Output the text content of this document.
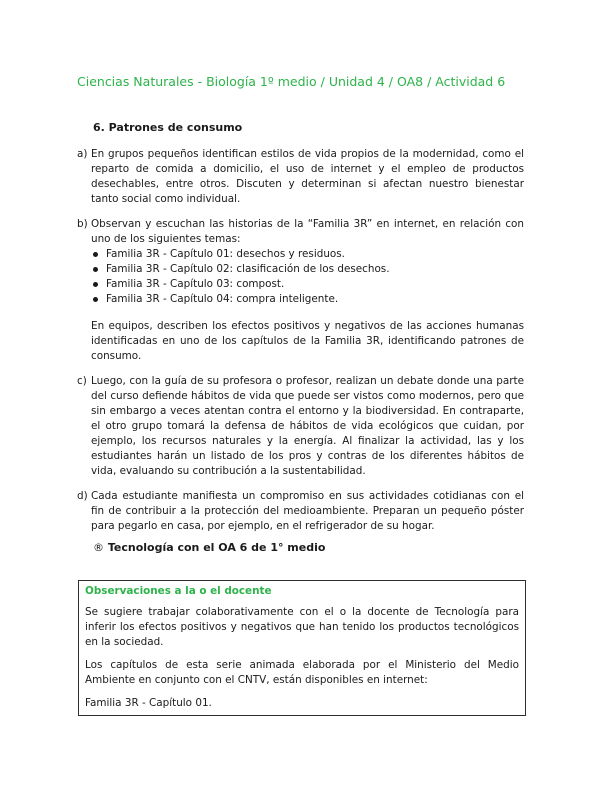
Ciencias Naturales - Biología 1º medio / Unidad 4 / OA8 / Actividad 6
6. Patrones de consumo
a) En grupos pequeños identifican estilos de vida propios de la modernidad, como el reparto de comida a domicilio, el uso de internet y el empleo de productos desechables, entre otros. Discuten y determinan si afectan nuestro bienestar tanto social como individual.

b) Observan y escuchan las historias de la “Familia 3R” en internet, en relación con uno de los siguientes temas:

Familia 3R - Capítulo 01: desechos y residuos.
Familia 3R - Capítulo 02: clasificación de los desechos.
Familia 3R - Capítulo 03: compost.
Familia 3R - Capítulo 04: compra inteligente.

En equipos, describen los efectos positivos y negativos de las acciones humanas identificadas en uno de los capítulos de la Familia 3R, identificando patrones de consumo.

c) Luego, con la guía de su profesora o profesor, realizan un debate donde una parte del curso defiende hábitos de vida que puede ser vistos como modernos, pero que sin embargo a veces atentan contra el entorno y la biodiversidad. En contraparte, el otro grupo tomará la defensa de hábitos de vida ecológicos que cuidan, por ejemplo, los recursos naturales y la energía. Al finalizar la actividad, las y los estudiantes harán un listado de los pros y contras de los diferentes hábitos de vida, evaluando su contribución a la sustentabilidad.

d) Cada estudiante manifiesta un compromiso en sus actividades cotidianas con el fin de contribuir a la protección del medioambiente. Preparan un pequeño póster para pegarlo en casa, por ejemplo, en el refrigerador de su hogar.

® Tecnología con el OA 6 de 1° medio
Observaciones a la o el docente

Se sugiere trabajar colaborativamente con el o la docente de Tecnología para inferir los efectos positivos y negativos que han tenido los productos tecnológicos en la sociedad.

Los capítulos de esta serie animada elaborada por el Ministerio del Medio Ambiente en conjunto con el CNTV, están disponibles en internet:

Familia 3R - Capítulo 01.
